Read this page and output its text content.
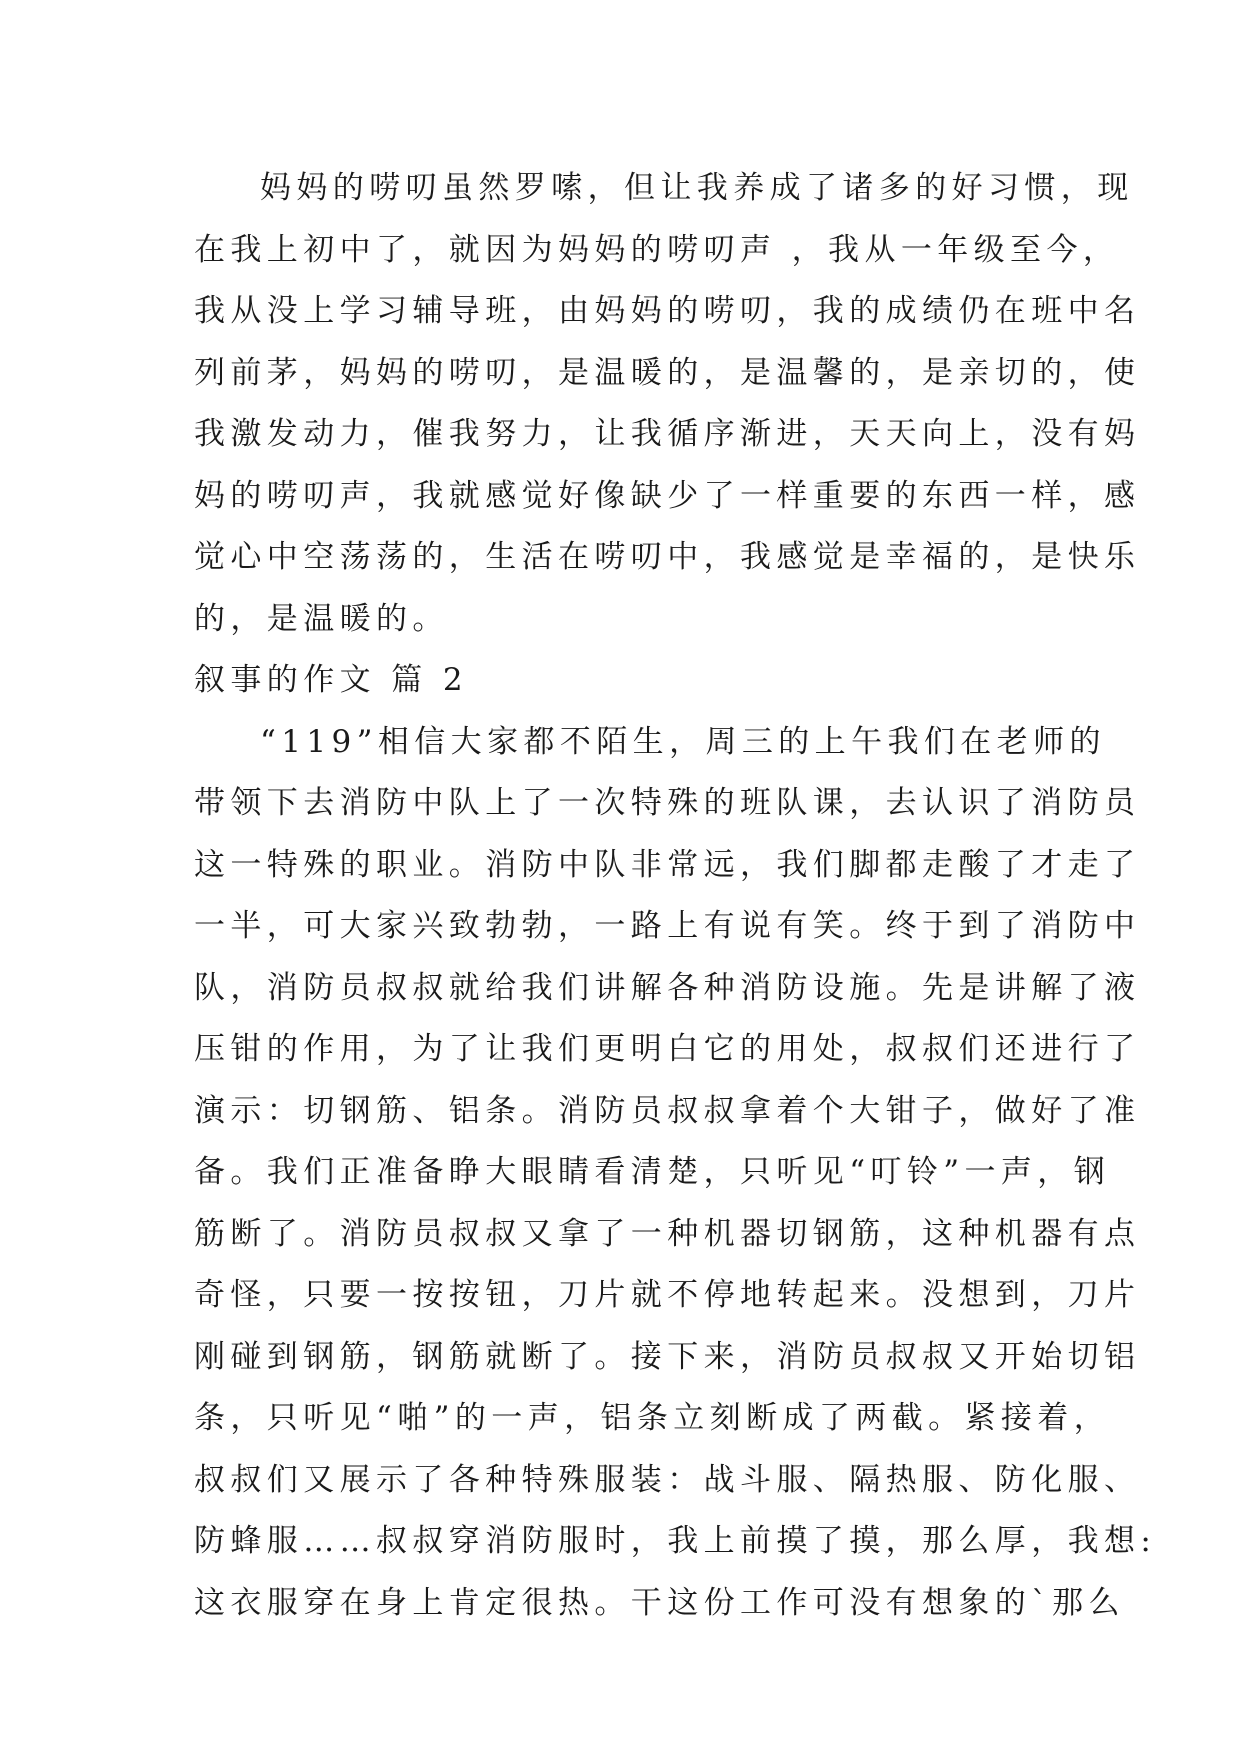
妈妈的唠叨虽然罗嗦，但让我养成了诸多的好习惯，现
在我上初中了，就因为妈妈的唠叨声 ，我从一年级至今，
我从没上学习辅导班，由妈妈的唠叨，我的成绩仍在班中名
列前茅，妈妈的唠叨，是温暖的，是温馨的，是亲切的，使
我激发动力，催我努力，让我循序渐进，天天向上，没有妈
妈的唠叨声，我就感觉好像缺少了一样重要的东西一样，感
觉心中空荡荡的，生活在唠叨中，我感觉是幸福的，是快乐
的，是温暖的。
叙事的作文 篇 2
“119”相信大家都不陌生，周三的上午我们在老师的
带领下去消防中队上了一次特殊的班队课，去认识了消防员
这一特殊的职业。消防中队非常远，我们脚都走酸了才走了
一半，可大家兴致勃勃，一路上有说有笑。终于到了消防中
队，消防员叔叔就给我们讲解各种消防设施。先是讲解了液
压钳的作用，为了让我们更明白它的用处，叔叔们还进行了
演示：切钢筋、铝条。消防员叔叔拿着个大钳子，做好了准
备。我们正准备睁大眼睛看清楚，只听见“叮铃”一声，钢
筋断了。消防员叔叔又拿了一种机器切钢筋，这种机器有点
奇怪，只要一按按钮，刀片就不停地转起来。没想到，刀片
刚碰到钢筋，钢筋就断了。接下来，消防员叔叔又开始切铝
条，只听见“啪”的一声，铝条立刻断成了两截。紧接着，
叔叔们又展示了各种特殊服装：战斗服、隔热服、防化服、
防蜂服……叔叔穿消防服时，我上前摸了摸，那么厚，我想:
这衣服穿在身上肯定很热。干这份工作可没有想象的`那么
